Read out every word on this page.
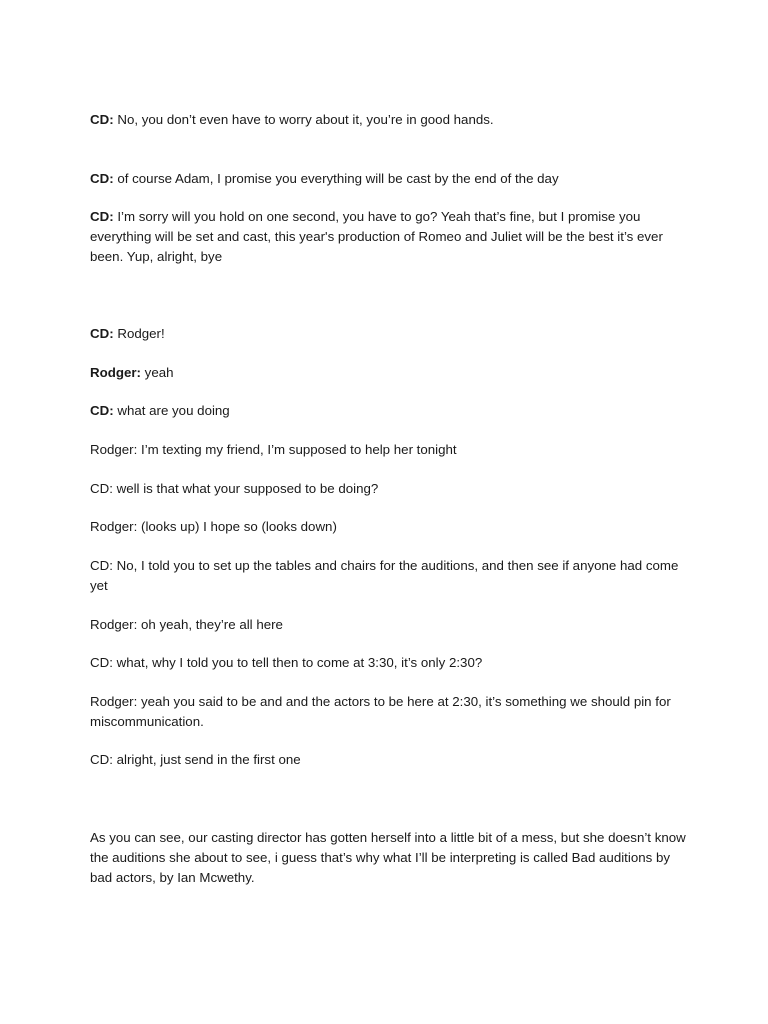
CD: No, you don’t even have to worry about it, you’re in good hands.

CD: of course Adam, I promise you everything will be cast by the end of the day

CD: I’m sorry will you hold on one second, you have to go? Yeah that’s fine, but I promise you everything will be set and cast, this year's production of Romeo and Juliet will be the best it’s ever been. Yup, alright, bye

CD: Rodger!

Rodger: yeah

CD: what are you doing

Rodger: I’m texting my friend, I’m supposed to help her tonight

CD: well is that what your supposed to be doing?

Rodger: (looks up) I hope so (looks down)

CD: No, I told you to set up the tables and chairs for the auditions, and then see if anyone had come yet

Rodger: oh yeah, they’re all here

CD: what, why I told you to tell then to come at 3:30, it’s only 2:30?

Rodger: yeah you said to be and and the actors to be here at 2:30, it’s something we should pin for miscommunication.

CD: alright, just send in the first one

As you can see, our casting director has gotten herself into a little bit of a mess, but she doesn’t know the auditions she about to see, i guess that’s why what I’ll be interpreting is called Bad auditions by bad actors, by Ian Mcwethy.
